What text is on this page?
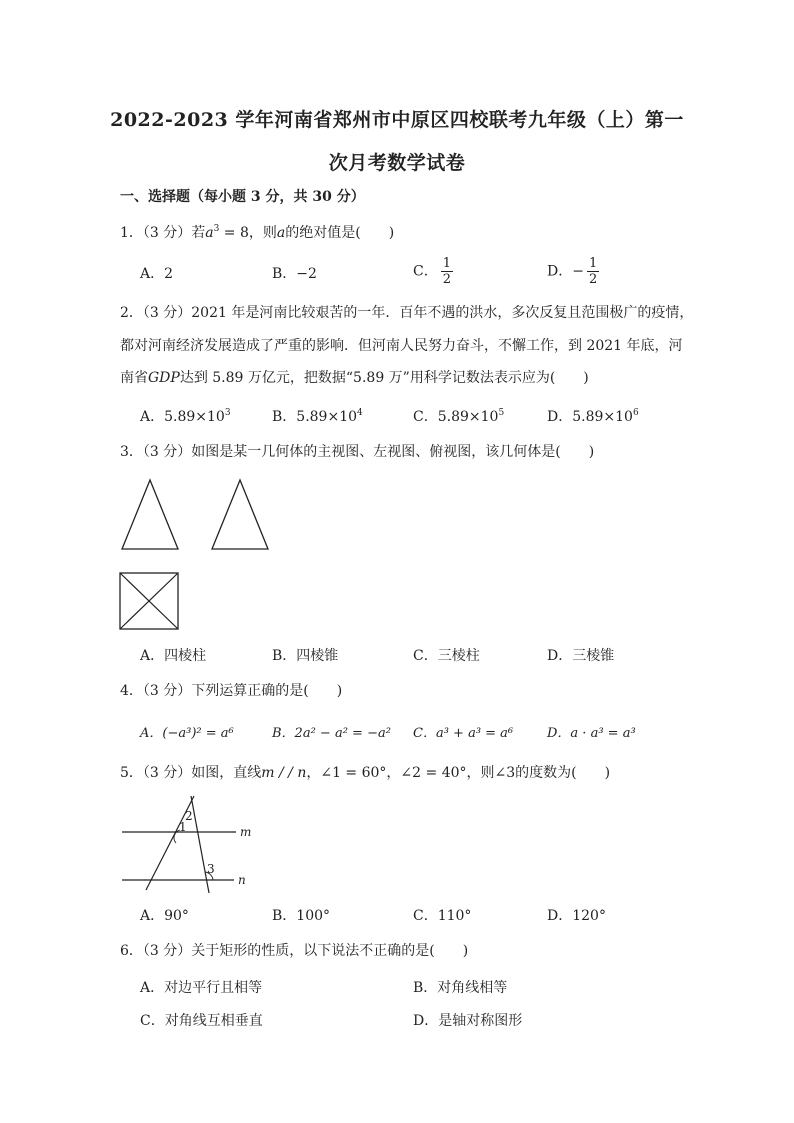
2022-2023 学年河南省郑州市中原区四校联考九年级（上）第一
次月考数学试卷
一、选择题（每小题 3 分，共 30 分）
1．（3 分）若$a^3 = 8$，则a的绝对值是(　　)
A．2	B．−2	C． $\frac{1}{2}$	D．− $\frac{1}{2}$
2．（3 分）2021 年是河南比较艰苦的一年．百年不遇的洪水，多次反复且范围极广的疫情，
都对河南经济发展造成了严重的影响．但河南人民努力奋斗，不懈工作，到 2021 年底，河
南省GDP达到 5.89 万亿元，把数据“5.89 万”用科学记数法表示应为(　　)
A．$5.89\times 10^3$	B．$5.89\times 10^4$	C．$5.89\times 10^5$	D．$5.89\times 10^6$
3．（3 分）如图是某一几何体的主视图、左视图、俯视图，该几何体是(　　)
A．四棱柱	B．四棱锥	C．三棱柱	D．三棱锥
4．（3 分）下列运算正确的是(　　)
A．(−a³)² = a⁶	B．2a² − a² = −a² C．a³ + a³ = a⁶	D．a · a³ = a³
5．（3 分）如图，直线m / / n，∠1 = 60°，∠2 = 40°，则∠3的度数为(　　)
2
1
3
m
n
A．90°	B．100°	C．110°	D．120°
6．（3 分）关于矩形的性质，以下说法不正确的是(　　)
A．对边平行且相等	B．对角线相等
C．对角线互相垂直	D．是轴对称图形
